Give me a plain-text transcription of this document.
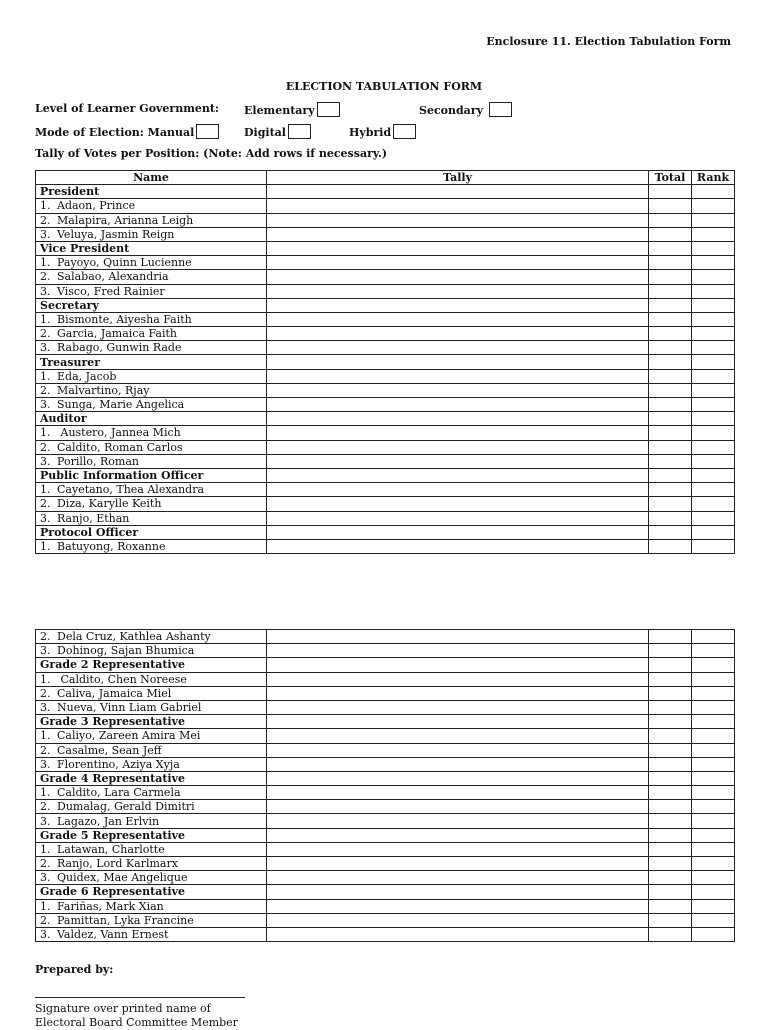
Enclosure 11. Election Tabulation Form
ELECTION TABULATION FORM
Level of Learner Government: Elementary	Secondary
Mode of Election: Manual	Digital	Hybrid
Tally of Votes per Position: (Note: Add rows if necessary.)
Name	Tally	Total	Rank
President			
1. Adaon, Prince			
2. Malapira, Arianna Leigh			
3. Veluya, Jasmin Reign			
Vice President			
1. Payoyo, Quinn Lucienne			
2. Salabao, Alexandria			
3. Visco, Fred Rainier			
Secretary			
1. Bismonte, Aiyesha Faith			
2. Garcia, Jamaica Faith			
3. Rabago, Gunwin Rade			
Treasurer			
1. Eda, Jacob			
2. Malvartino, Rjay			
3. Sunga, Marie Angelica			
Auditor			
1. Austero, Jannea Mich			
2. Caldito, Roman Carlos			
3. Porillo, Roman			
Public Information Officer			
1. Cayetano, Thea Alexandra			
2. Diza, Karylle Keith			
3. Ranjo, Ethan			
Protocol Officer			
1. Batuyong, Roxanne			
2. Dela Cruz, Kathlea Ashanty			
3. Dohinog, Sajan Bhumica			
Grade 2 Representative			
1. Caldito, Chen Noreese			
2. Caliva, Jamaica Miel			
3. Nueva, Vinn Liam Gabriel			
Grade 3 Representative			
1. Caliyo, Zareen Amira Mei			
2. Casalme, Sean Jeff			
3. Florentino, Aziya Xyja			
Grade 4 Representative			
1. Caldito, Lara Carmela			
2. Dumalag, Gerald Dimitri			
3. Lagazo, Jan Erlvin			
Grade 5 Representative			
1. Latawan, Charlotte			
2. Ranjo, Lord Karlmarx			
3. Quidex, Mae Angelique			
Grade 6 Representative			
1. Fariñas, Mark Xian			
2. Pamittan, Lyka Francine			
3. Valdez, Vann Ernest			
Prepared by:
Signature over printed name of
Electoral Board Committee Member
